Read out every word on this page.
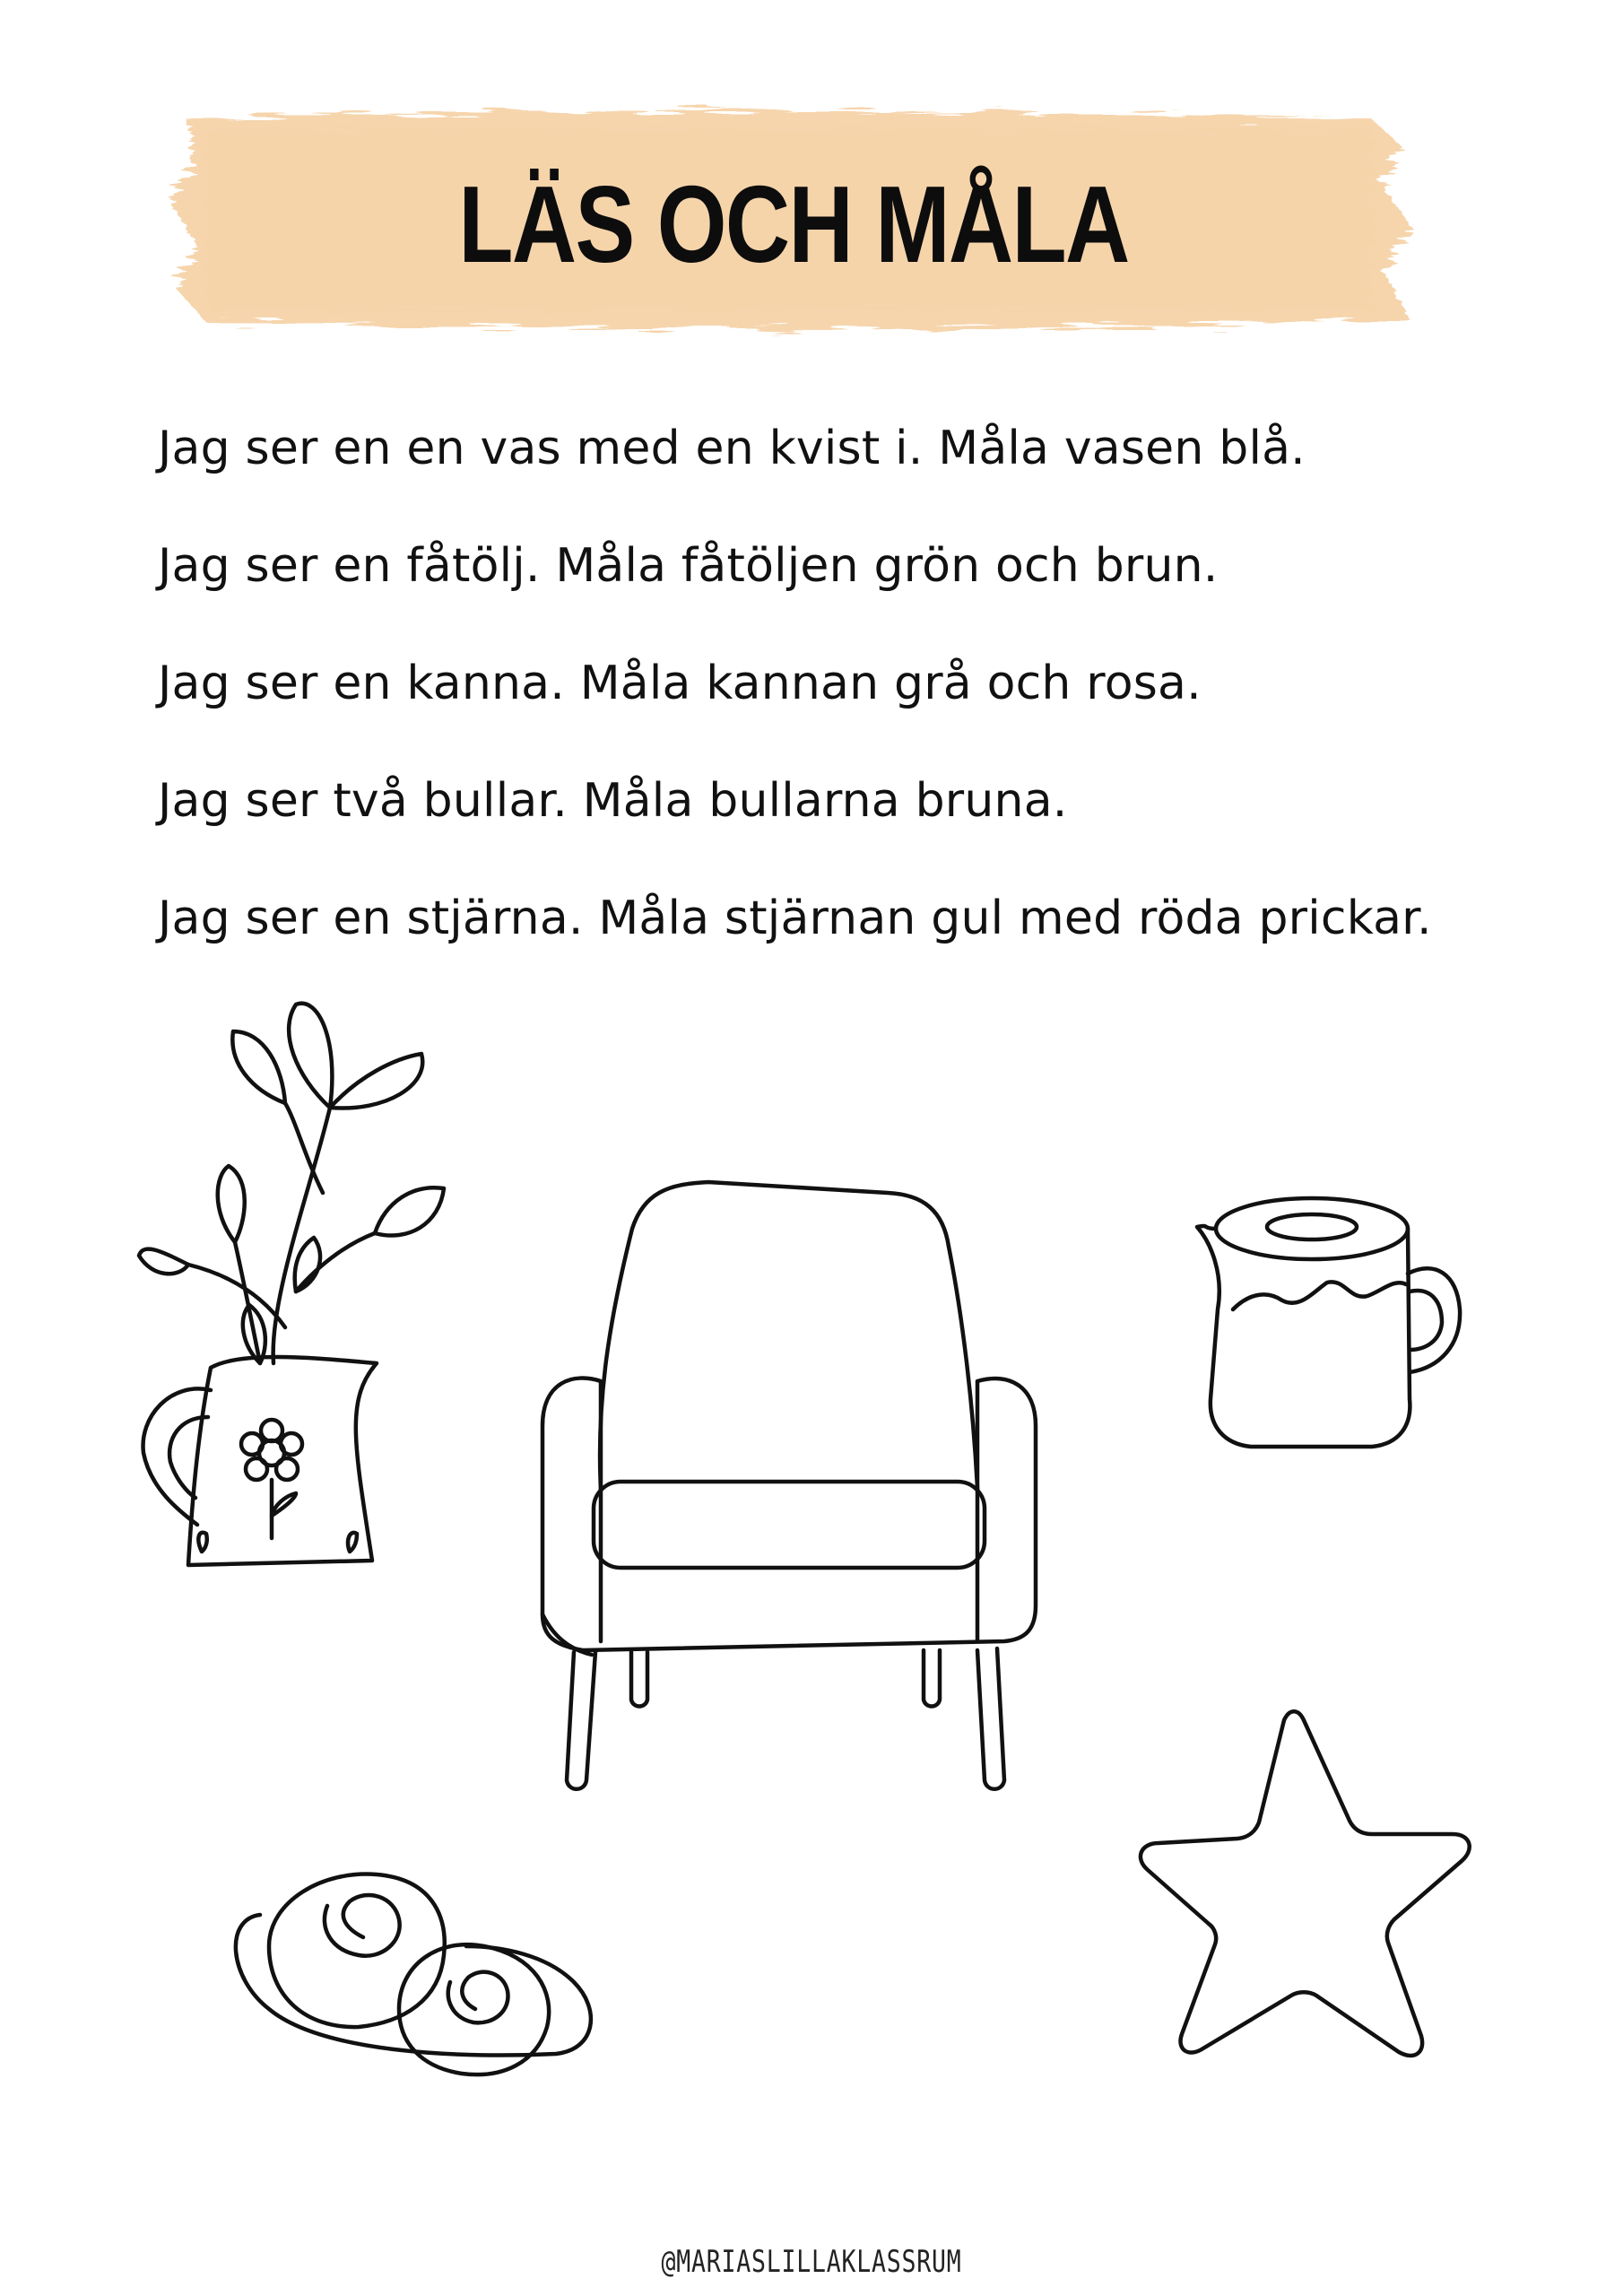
LÄS OCH MÅLA
Jag ser en en vas med en kvist i. Måla vasen blå.
Jag ser en fåtölj. Måla fåtöljen grön och brun.
Jag ser en kanna. Måla kannan grå och rosa.
Jag ser två bullar. Måla bullarna bruna.
Jag ser en stjärna. Måla stjärnan gul med röda prickar.
@MARIASLILLAKLASSRUM
